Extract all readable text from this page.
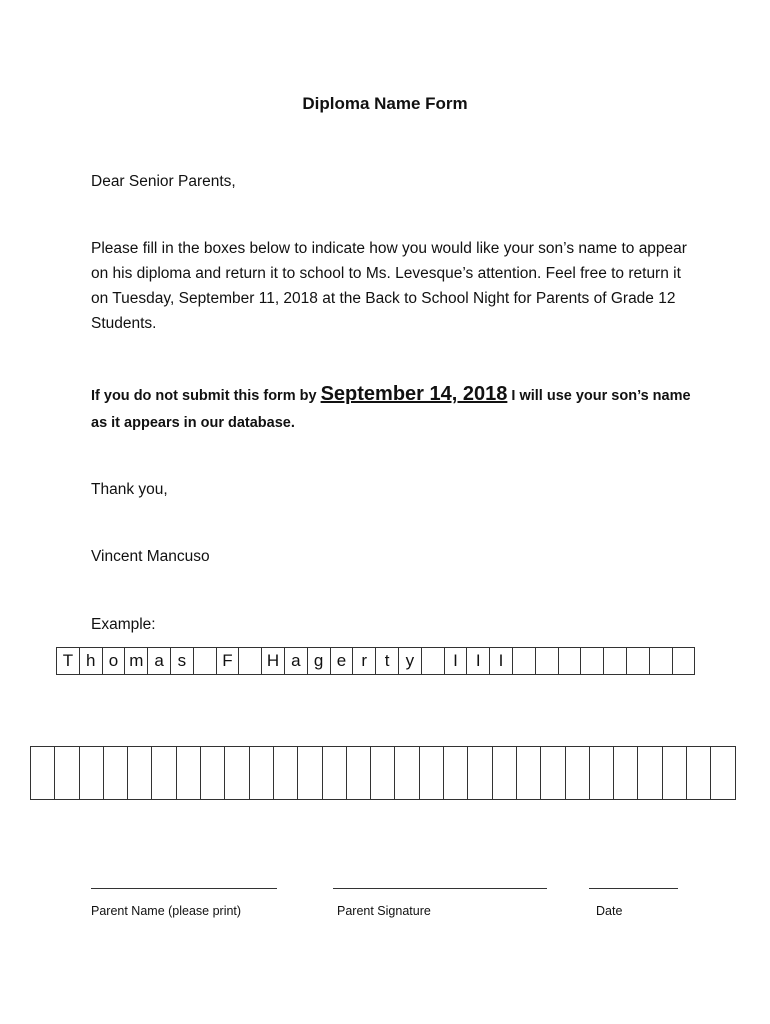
Diploma Name Form
Dear Senior Parents,
Please fill in the boxes below to indicate how you would like your son’s name to appear on his diploma and return it to school to Ms. Levesque’s attention. Feel free to return it on Tuesday, September 11, 2018 at the Back to School Night for Parents of Grade 12 Students.
If you do not submit this form by September 14, 2018 I will use your son’s name as it appears in our database.
Thank you,
Vincent Mancuso
Example:
T h o m a s	F	H a g e r	t y	I	I	I
Parent Name (please print)	Parent Signature	Date
